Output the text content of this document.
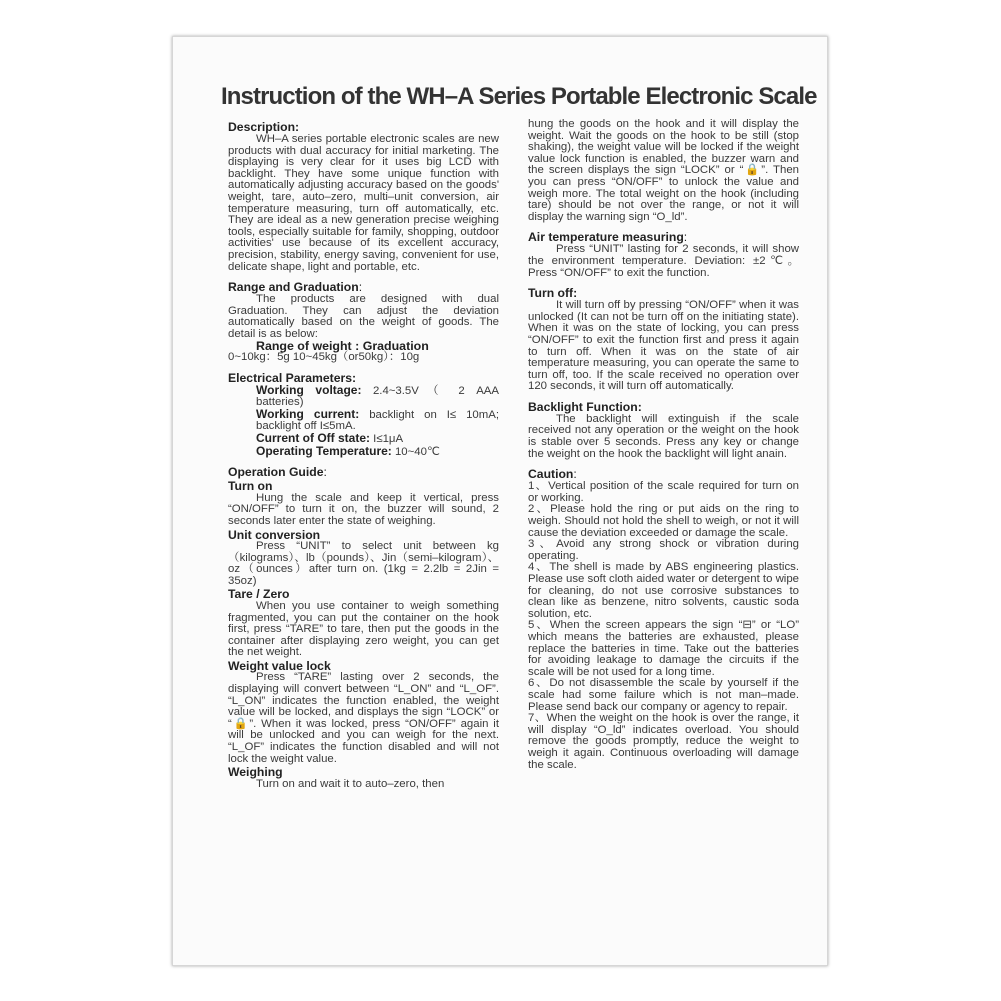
Instruction of the WH–A Series Portable Electronic Scale
Description:
WH–A series portable electronic scales are new products with dual accuracy for initial marketing. The displaying is very clear for it uses big LCD with backlight. They have some unique function with automatically adjusting accuracy based on the goods' weight, tare, auto–zero, multi–unit conversion, air temperature measuring, turn off automatically, etc. They are ideal as a new generation precise weighing tools, especially suitable for family, shopping, outdoor activities' use because of its excellent accuracy, precision, stability, energy saving, convenient for use, delicate shape, light and portable, etc.
Range and Graduation:
The products are designed with dual Graduation. They can adjust the deviation automatically based on the weight of goods. The detail is as below:
Range of weight : Graduation
0~10kg：5g 10~45kg（or50kg）：10g
Electrical Parameters:
Working voltage: 2.4~3.5V（ 2 AAA batteries)
Working current: backlight on I≤ 10mA; backlight off I≤5mA.
Current of Off state: I≤1μA
Operating Temperature: 10~40℃
Operation Guide:
Turn on
Hung the scale and keep it vertical, press “ON/OFF” to turn it on, the buzzer will sound, 2 seconds later enter the state of weighing.
Unit conversion
Press “UNIT” to select unit between kg（kilograms）、lb（pounds）、Jin（semi–kilogram）、oz（ounces）after turn on. (1kg = 2.2lb = 2Jin = 35oz)
Tare / Zero
When you use container to weigh something fragmented, you can put the container on the hook first, press “TARE” to tare, then put the goods in the container after displaying zero weight, you can get the net weight.
Weight value lock
Press “TARE” lasting over 2 seconds, the displaying will convert between “L_ON” and “L_OF”. “L_ON” indicates the function enabled, the weight value will be locked, and displays the sign “LOCK” or “🔒”. When it was locked, press “ON/OFF” again it will be unlocked and you can weigh for the next. “L_OF” indicates the function disabled and will not lock the weight value.
Weighing
Turn on and wait it to auto–zero, then
hung the goods on the hook and it will display the weight. Wait the goods on the hook to be still (stop shaking), the weight value will be locked if the weight value lock function is enabled, the buzzer warn and the screen displays the sign “LOCK” or “🔒”. Then you can press “ON/OFF” to unlock the value and weigh more. The total weight on the hook (including tare) should be not over the range, or not it will display the warning sign “O_ld”.
Air temperature measuring:
Press “UNIT” lasting for 2 seconds, it will show the environment temperature. Deviation: ±2℃。Press “ON/OFF” to exit the function.
Turn off:
It will turn off by pressing “ON/OFF” when it was unlocked (It can not be turn off on the initiating state). When it was on the state of locking, you can press “ON/OFF” to exit the function first and press it again to turn off. When it was on the state of air temperature measuring, you can operate the same to turn off, too. If the scale received no operation over 120 seconds, it will turn off automatically.
Backlight Function:
The backlight will extinguish if the scale received not any operation or the weight on the hook is stable over 5 seconds. Press any key or change the weight on the hook the backlight will light anain.
Caution:
1、Vertical position of the scale required for turn on or working.
2、Please hold the ring or put aids on the ring to weigh. Should not hold the shell to weigh, or not it will cause the deviation exceeded or damage the scale.
3、Avoid any strong shock or vibration during operating.
4、The shell is made by ABS engineering plastics. Please use soft cloth aided water or detergent to wipe for cleaning, do not use corrosive substances to clean like as benzene, nitro solvents, caustic soda solution, etc.
5、When the screen appears the sign “⊟” or “LO” which means the batteries are exhausted, please replace the batteries in time. Take out the batteries for avoiding leakage to damage the circuits if the scale will be not used for a long time.
6、Do not disassemble the scale by yourself if the scale had some failure which is not man–made. Please send back our company or agency to repair.
7、When the weight on the hook is over the range, it will display “O_ld” indicates overload. You should remove the goods promptly, reduce the weight to weigh it again. Continuous overloading will damage the scale.
